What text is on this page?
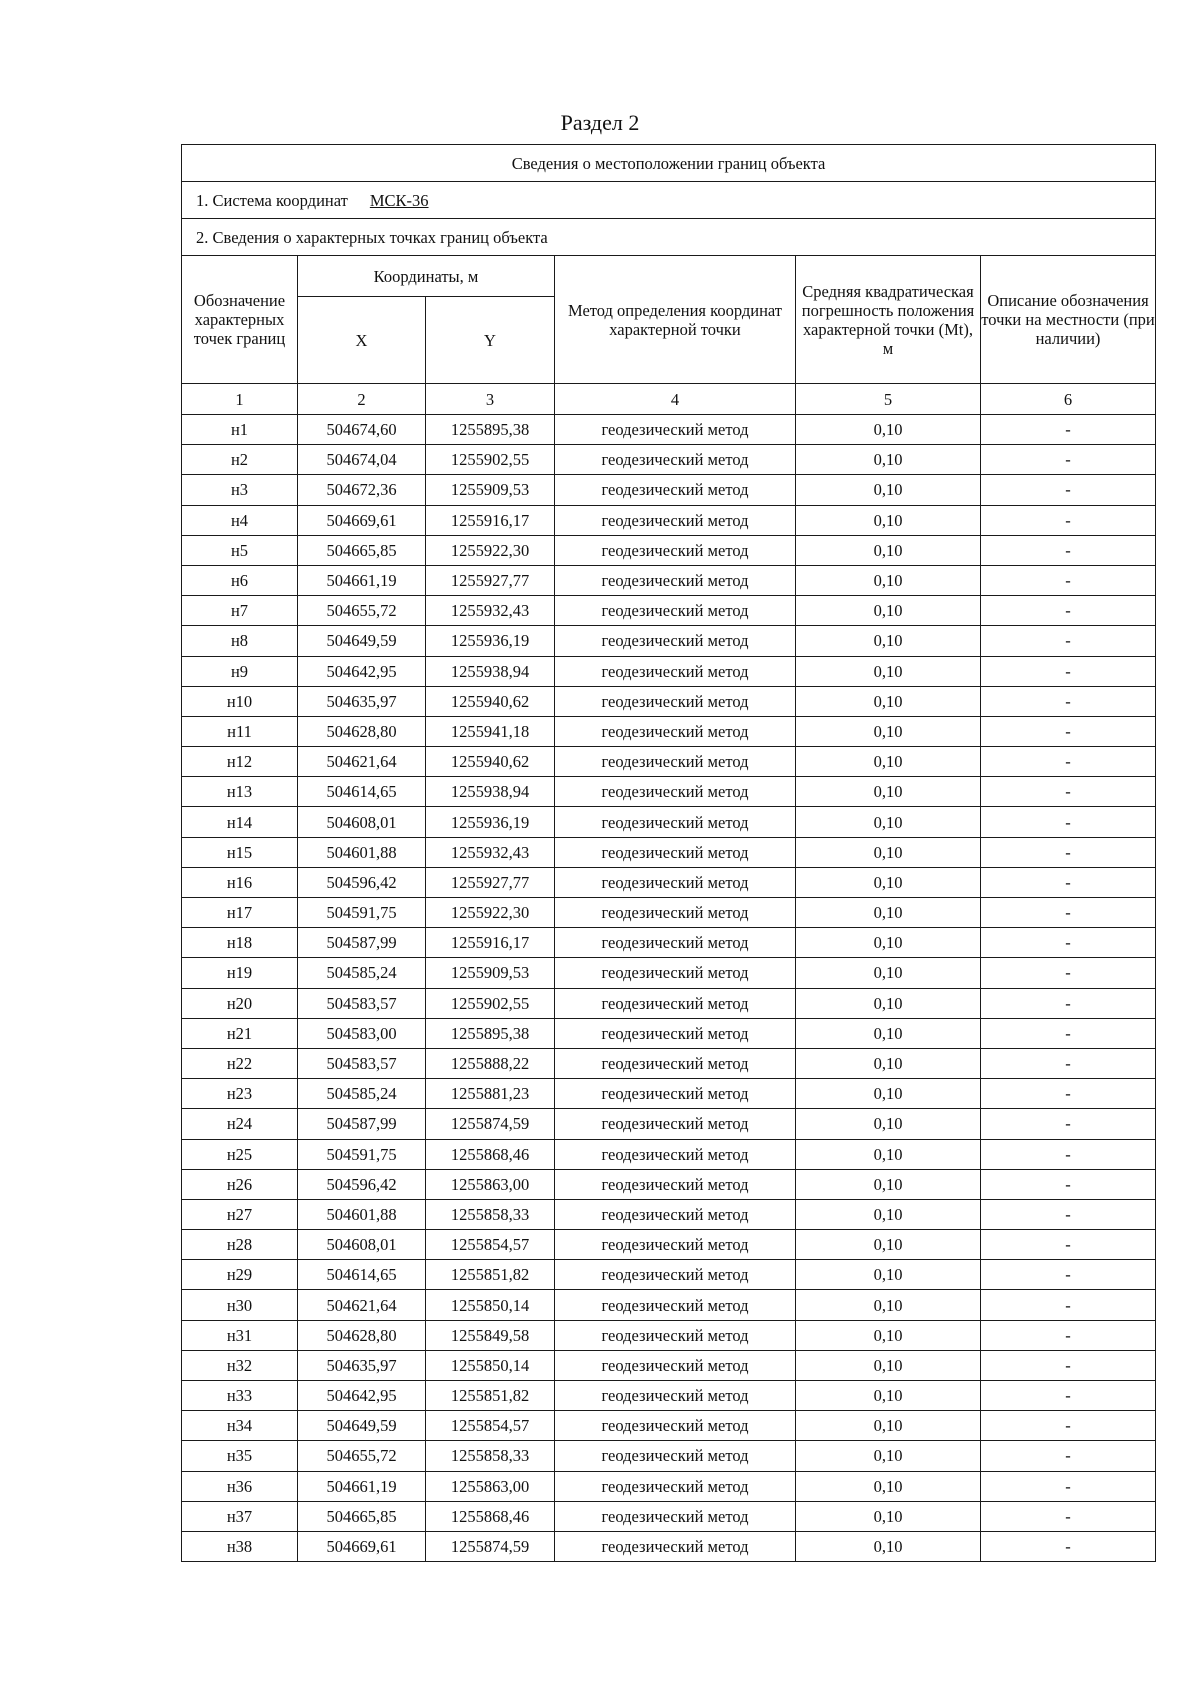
Раздел 2
Сведения о местоположении границ объекта					
1. Система координат МСК-36					
2. Сведения о характерных точках границ объекта					
Обозначение характерных точек границ	Координаты, м		Метод определения координат характерной точки	Средняя квадратическая погрешность положения характерной точки (Mt), м	Описание обозначения точки на местности (при наличии)
	X	Y			
1	2	3	4	5	6
н1	504674,60	1255895,38	геодезический метод	0,10	-
н2	504674,04	1255902,55	геодезический метод	0,10	-
н3	504672,36	1255909,53	геодезический метод	0,10	-
н4	504669,61	1255916,17	геодезический метод	0,10	-
н5	504665,85	1255922,30	геодезический метод	0,10	-
н6	504661,19	1255927,77	геодезический метод	0,10	-
н7	504655,72	1255932,43	геодезический метод	0,10	-
н8	504649,59	1255936,19	геодезический метод	0,10	-
н9	504642,95	1255938,94	геодезический метод	0,10	-
н10	504635,97	1255940,62	геодезический метод	0,10	-
н11	504628,80	1255941,18	геодезический метод	0,10	-
н12	504621,64	1255940,62	геодезический метод	0,10	-
н13	504614,65	1255938,94	геодезический метод	0,10	-
н14	504608,01	1255936,19	геодезический метод	0,10	-
н15	504601,88	1255932,43	геодезический метод	0,10	-
н16	504596,42	1255927,77	геодезический метод	0,10	-
н17	504591,75	1255922,30	геодезический метод	0,10	-
н18	504587,99	1255916,17	геодезический метод	0,10	-
н19	504585,24	1255909,53	геодезический метод	0,10	-
н20	504583,57	1255902,55	геодезический метод	0,10	-
н21	504583,00	1255895,38	геодезический метод	0,10	-
н22	504583,57	1255888,22	геодезический метод	0,10	-
н23	504585,24	1255881,23	геодезический метод	0,10	-
н24	504587,99	1255874,59	геодезический метод	0,10	-
н25	504591,75	1255868,46	геодезический метод	0,10	-
н26	504596,42	1255863,00	геодезический метод	0,10	-
н27	504601,88	1255858,33	геодезический метод	0,10	-
н28	504608,01	1255854,57	геодезический метод	0,10	-
н29	504614,65	1255851,82	геодезический метод	0,10	-
н30	504621,64	1255850,14	геодезический метод	0,10	-
н31	504628,80	1255849,58	геодезический метод	0,10	-
н32	504635,97	1255850,14	геодезический метод	0,10	-
н33	504642,95	1255851,82	геодезический метод	0,10	-
н34	504649,59	1255854,57	геодезический метод	0,10	-
н35	504655,72	1255858,33	геодезический метод	0,10	-
н36	504661,19	1255863,00	геодезический метод	0,10	-
н37	504665,85	1255868,46	геодезический метод	0,10	-
н38	504669,61	1255874,59	геодезический метод	0,10	-
